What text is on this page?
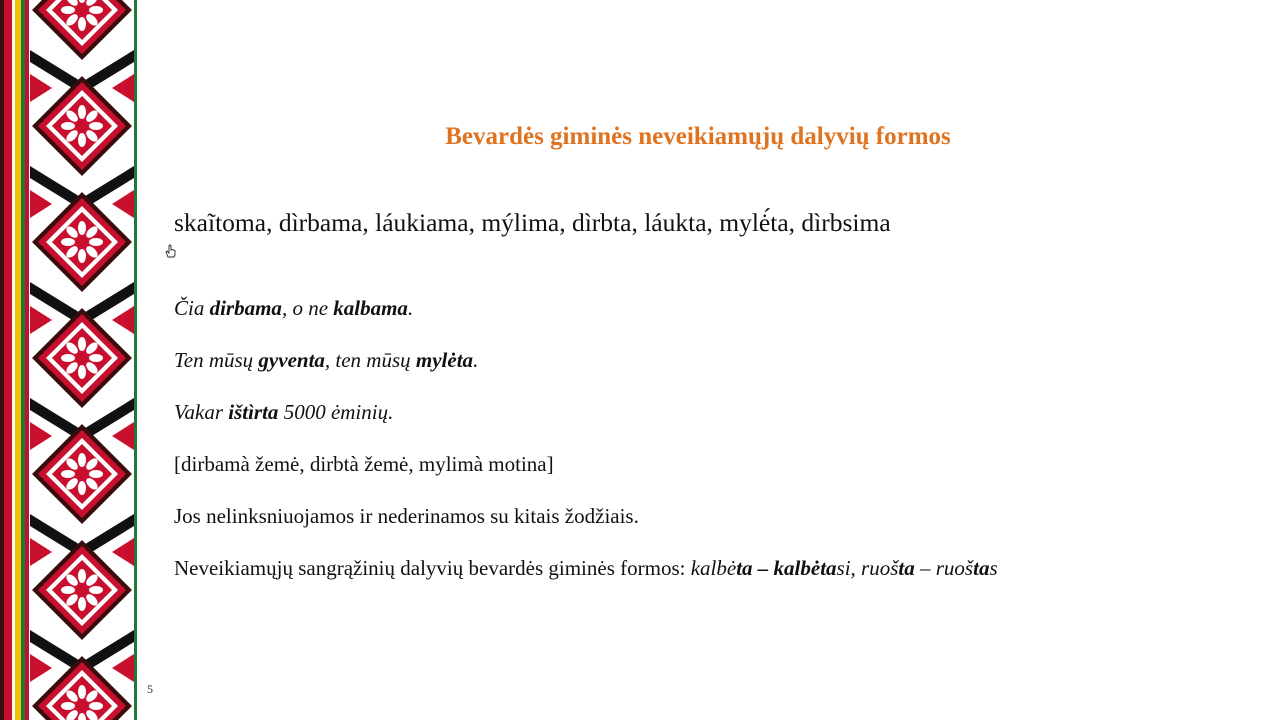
Bevardės giminės neveikiamųjų dalyvių formos
skaĩtoma, dìrbama, láukiama, mýlima, dìrbta, láukta, mylė́ta, dìrbsima
Čia dirbama, o ne kalbama.
Ten mūsų gyventa, ten mūsų mylėta.
Vakar ištìrta 5000 ėminių.
[dirbamà žemė, dirbtà žemė, mylimà motina]
Jos nelinksniuojamos ir nederinamos su kitais žodžiais.
Neveikiamųjų sangrąžinių dalyvių bevardės giminės formos: kalbėta – kalbėtasi, ruošta – ruoštas
5
